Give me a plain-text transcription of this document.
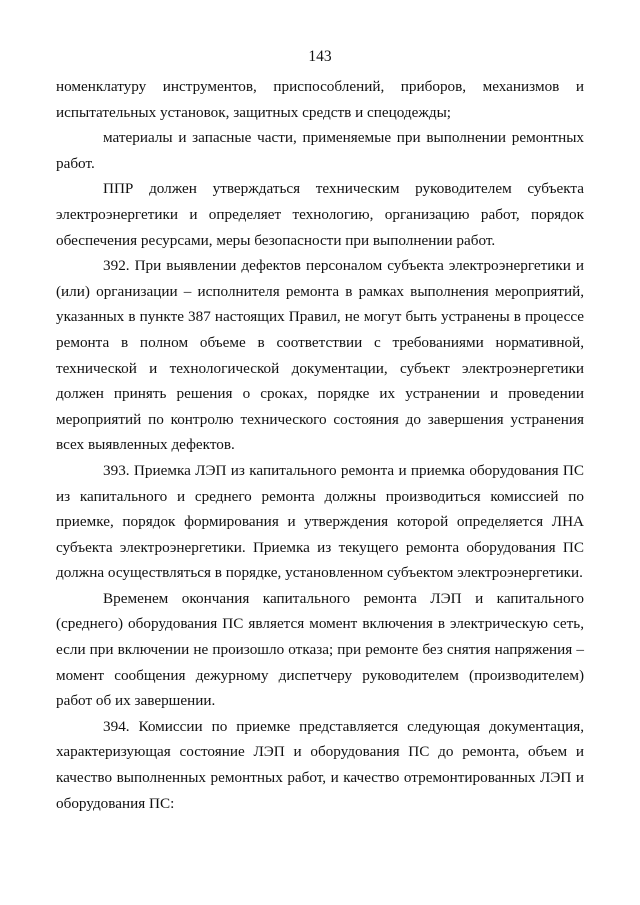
143

номенклатуру инструментов, приспособлений, приборов, механизмов и испытательных установок, защитных средств и спецодежды;

материалы и запасные части, применяемые при выполнении ремонтных работ.

ППР должен утверждаться техническим руководителем субъекта электроэнергетики и определяет технологию, организацию работ, порядок обеспечения ресурсами, меры безопасности при выполнении работ.

392. При выявлении дефектов персоналом субъекта электроэнергетики и (или) организации – исполнителя ремонта в рамках выполнения мероприятий, указанных в пункте 387 настоящих Правил, не могут быть устранены в процессе ремонта в полном объеме в соответствии с требованиями нормативной, технической и технологической документации, субъект электроэнергетики должен принять решения о сроках, порядке их устранении и проведении мероприятий по контролю технического состояния до завершения устранения всех выявленных дефектов.

393. Приемка ЛЭП из капитального ремонта и приемка оборудования ПС из капитального и среднего ремонта должны производиться комиссией по приемке, порядок формирования и утверждения которой определяется ЛНА субъекта электроэнергетики. Приемка из текущего ремонта оборудования ПС должна осуществляться в порядке, установленном субъектом электроэнергетики.

Временем окончания капитального ремонта ЛЭП и капитального (среднего) оборудования ПС является момент включения в электрическую сеть, если при включении не произошло отказа; при ремонте без снятия напряжения – момент сообщения дежурному диспетчеру руководителем (производителем) работ об их завершении.

394. Комиссии по приемке представляется следующая документация, характеризующая состояние ЛЭП и оборудования ПС до ремонта, объем и качество выполненных ремонтных работ, и качество отремонтированных ЛЭП и оборудования ПС:
